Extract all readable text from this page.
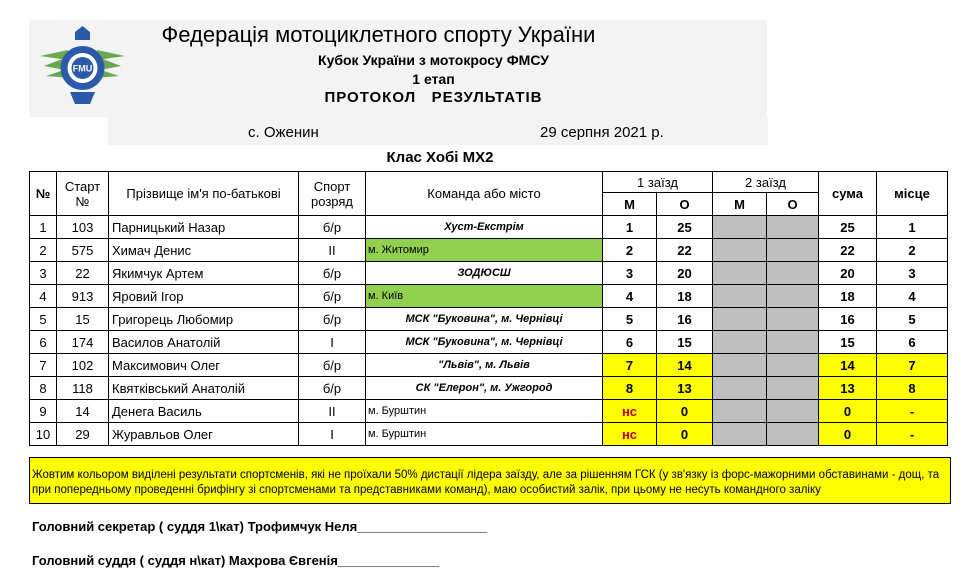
FMU
Федерація мотоциклетного спорту України
Кубок України з мотокросу ФМСУ
1 етап
ПРОТОКОЛ   РЕЗУЛЬТАТІВ
с. Оженин	29 серпня 2021 р.
Клас Хобі МХ2
№	Старт №	Прізвище ім'я по-батькові	Спорт розряд	Команда або місто	1 заїзд		2 заїзд		сума	місце
					М	О	М	О		
1	103	Парницький Назар	б/р	Хуст-Екстрім	1	25			25	1
2	575	Химач Денис	II	м. Житомир	2	22			22	2
3	22	Якимчук Артем	б/р	ЗОДЮСШ	3	20			20	3
4	913	Яровий Ігор	б/р	м. Київ	4	18			18	4
5	15	Григорець Любомир	б/р	МСК "Буковина", м. Чернівці	5	16			16	5
6	174	Василов Анатолій	I	МСК "Буковина", м. Чернівці	6	15			15	6
7	102	Максимович Олег	б/р	"Львів", м. Львів	7	14			14	7
8	118	Квятківський Анатолій	б/р	СК "Елерон", м. Ужгород	8	13			13	8
9	14	Денега Василь	II	м. Бурштин	нс	0			0	-
10	29	Журавльов Олег	I	м. Бурштин	нс	0			0	-
Жовтим кольором виділені результати спортсменів, які не проїхали 50% дистації лідера заїзду, але за рішенням ГСК (у зв'язку із форс-мажорними обставинами - дощ, та при попередньому проведенні брифінгу зі спортсменами та представниками команд), маю особистий залік, при цьому не несуть командного заліку
Головний секретар ( суддя 1\кат) Трофимчук Неля__________________
Головний суддя ( суддя н\кат) Махрова Євгенія______________
